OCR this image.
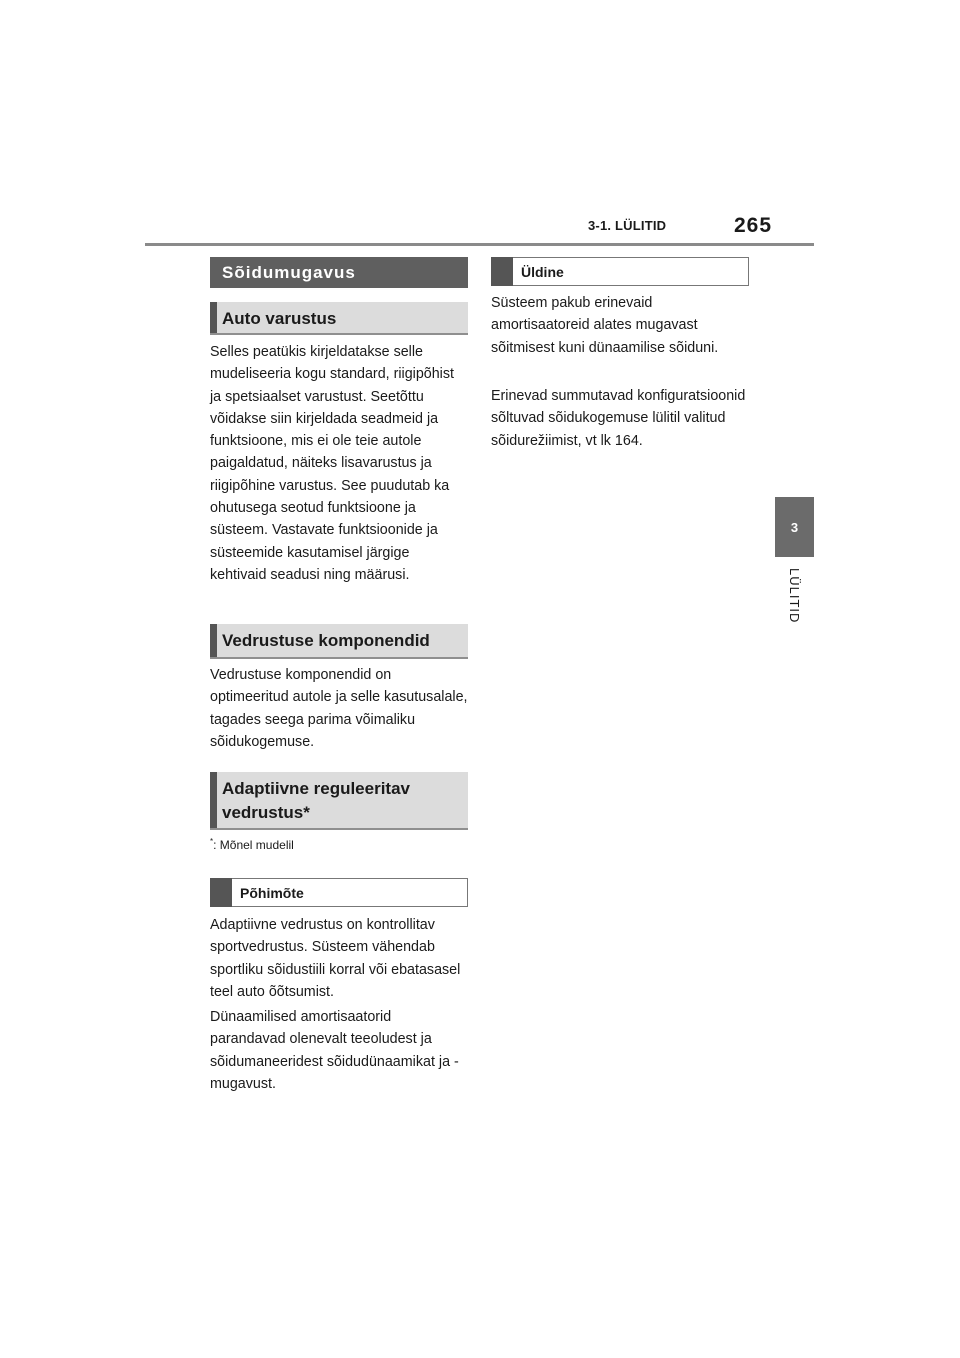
3-1. LÜLITID	265
3
LÜLITID
Sõidumugavus
Auto varustus

Selles peatükis kirjeldatakse selle mudeliseeria kogu standard, riigipõhist ja spetsiaalset varustust. Seetõttu võidakse siin kirjeldada seadmeid ja funktsioone, mis ei ole teie autole paigaldatud, näiteks lisavarustus ja riigipõhine varustus. See puudutab ka ohutusega seotud funktsioone ja süsteem. Vastavate funktsioonide ja süsteemide kasutamisel järgige kehtivaid seadusi ning määrusi.

Vedrustuse komponendid

Vedrustuse komponendid on optimeeritud autole ja selle kasutusalale, tagades seega parima võimaliku sõidukogemuse.

Adaptiivne reguleeritav vedrustus*
*: Mõnel mudelil
Põhimõte

Adaptiivne vedrustus on kontrollitav sportvedrustus. Süsteem vähendab sportliku sõidustiili korral või ebatasasel teel auto õõtsumist.

Dünaamilised amortisaatorid parandavad olenevalt teeoludest ja sõidumaneeridest sõidudünaamikat ja -mugavust.

Üldine

Süsteem pakub erinevaid amortisaatoreid alates mugavast sõitmisest kuni dünaamilise sõiduni.

Erinevad summutavad konfiguratsioonid sõltuvad sõidukogemuse lülitil valitud sõidurežiimist, vt lk 164.
